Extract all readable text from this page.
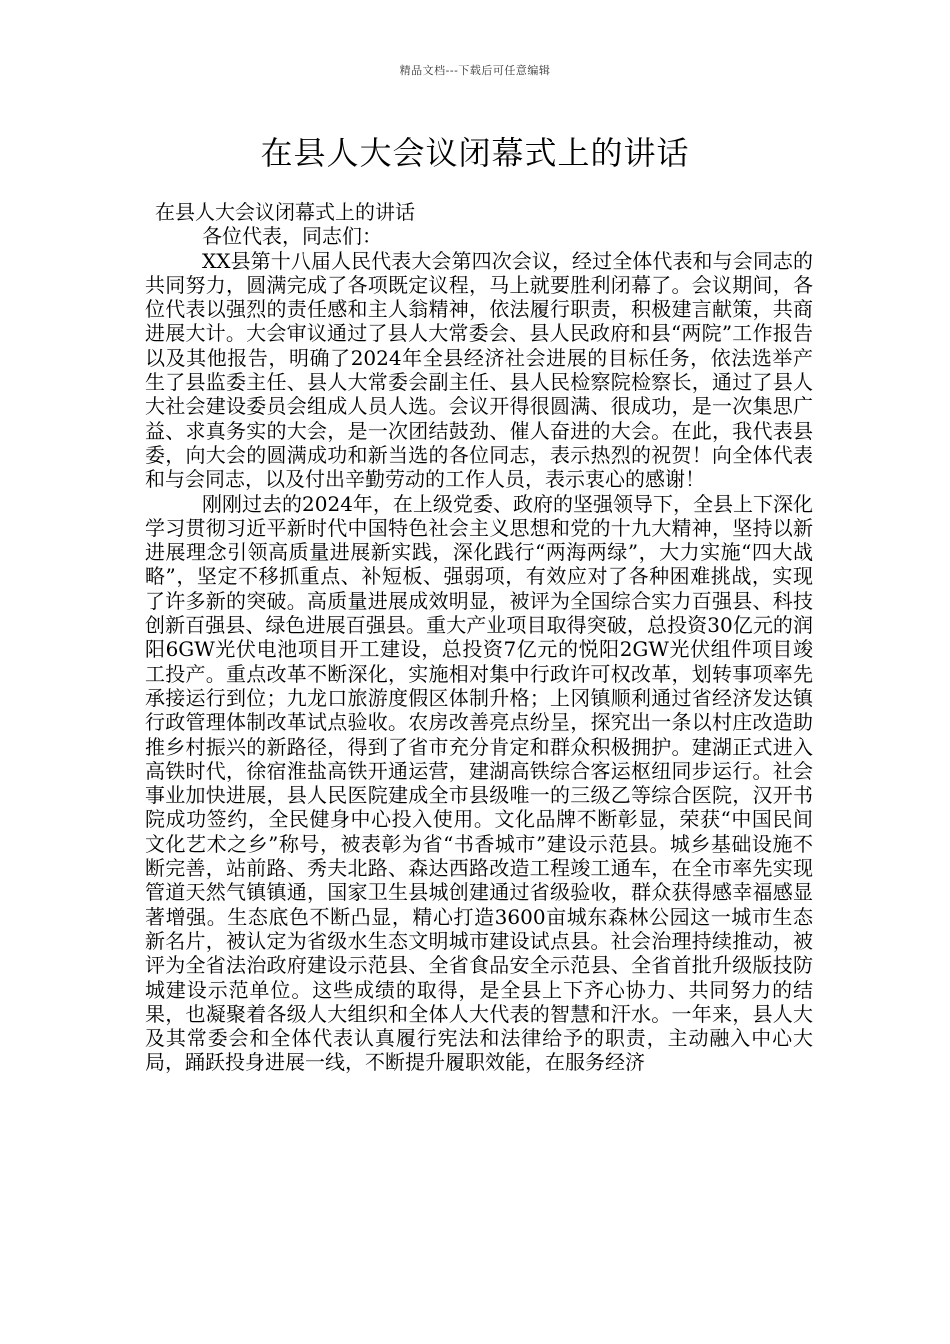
精品文档---下载后可任意编辑
在县人大会议闭幕式上的讲话

在县人大会议闭幕式上的讲话

各位代表，同志们：

XX县第十八届人民代表大会第四次会议，经过全体代表和与会同志的共同努力，圆满完成了各项既定议程，马上就要胜利闭幕了。会议期间，各位代表以强烈的责任感和主人翁精神，依法履行职责，积极建言献策，共商进展大计。大会审议通过了县人大常委会、县人民政府和县“两院”工作报告以及其他报告，明确了2024年全县经济社会进展的目标任务，依法选举产生了县监委主任、县人大常委会副主任、县人民检察院检察长，通过了县人大社会建设委员会组成人员人选。会议开得很圆满、很成功，是一次集思广益、求真务实的大会，是一次团结鼓劲、催人奋进的大会。在此，我代表县委，向大会的圆满成功和新当选的各位同志，表示热烈的祝贺！向全体代表和与会同志，以及付出辛勤劳动的工作人员，表示衷心的感谢！

刚刚过去的2024年，在上级党委、政府的坚强领导下，全县上下深化学习贯彻习近平新时代中国特色社会主义思想和党的十九大精神，坚持以新进展理念引领高质量进展新实践，深化践行“两海两绿”，大力实施“四大战略”，坚定不移抓重点、补短板、强弱项，有效应对了各种困难挑战，实现了许多新的突破。高质量进展成效明显，被评为全国综合实力百强县、科技创新百强县、绿色进展百强县。重大产业项目取得突破，总投资30亿元的润阳6GW光伏电池项目开工建设，总投资7亿元的悦阳2GW光伏组件项目竣工投产。重点改革不断深化，实施相对集中行政许可权改革，划转事项率先承接运行到位；九龙口旅游度假区体制升格；上冈镇顺利通过省经济发达镇行政管理体制改革试点验收。农房改善亮点纷呈，探究出一条以村庄改造助推乡村振兴的新路径，得到了省市充分肯定和群众积极拥护。建湖正式进入高铁时代，徐宿淮盐高铁开通运营，建湖高铁综合客运枢纽同步运行。社会事业加快进展，县人民医院建成全市县级唯一的三级乙等综合医院，汉开书院成功签约，全民健身中心投入使用。文化品牌不断彰显，荣获“中国民间文化艺术之乡”称号，被表彰为省“书香城市”建设示范县。城乡基础设施不断完善，站前路、秀夫北路、森达西路改造工程竣工通车，在全市率先实现管道天然气镇镇通，国家卫生县城创建通过省级验收，群众获得感幸福感显著增强。生态底色不断凸显，精心打造3600亩城东森林公园这一城市生态新名片，被认定为省级水生态文明城市建设试点县。社会治理持续推动，被评为全省法治政府建设示范县、全省食品安全示范县、全省首批升级版技防城建设示范单位。这些成绩的取得，是全县上下齐心协力、共同努力的结果，也凝聚着各级人大组织和全体人大代表的智慧和汗水。一年来，县人大及其常委会和全体代表认真履行宪法和法律给予的职责，主动融入中心大局，踊跃投身进展一线，不断提升履职效能，在服务经济
